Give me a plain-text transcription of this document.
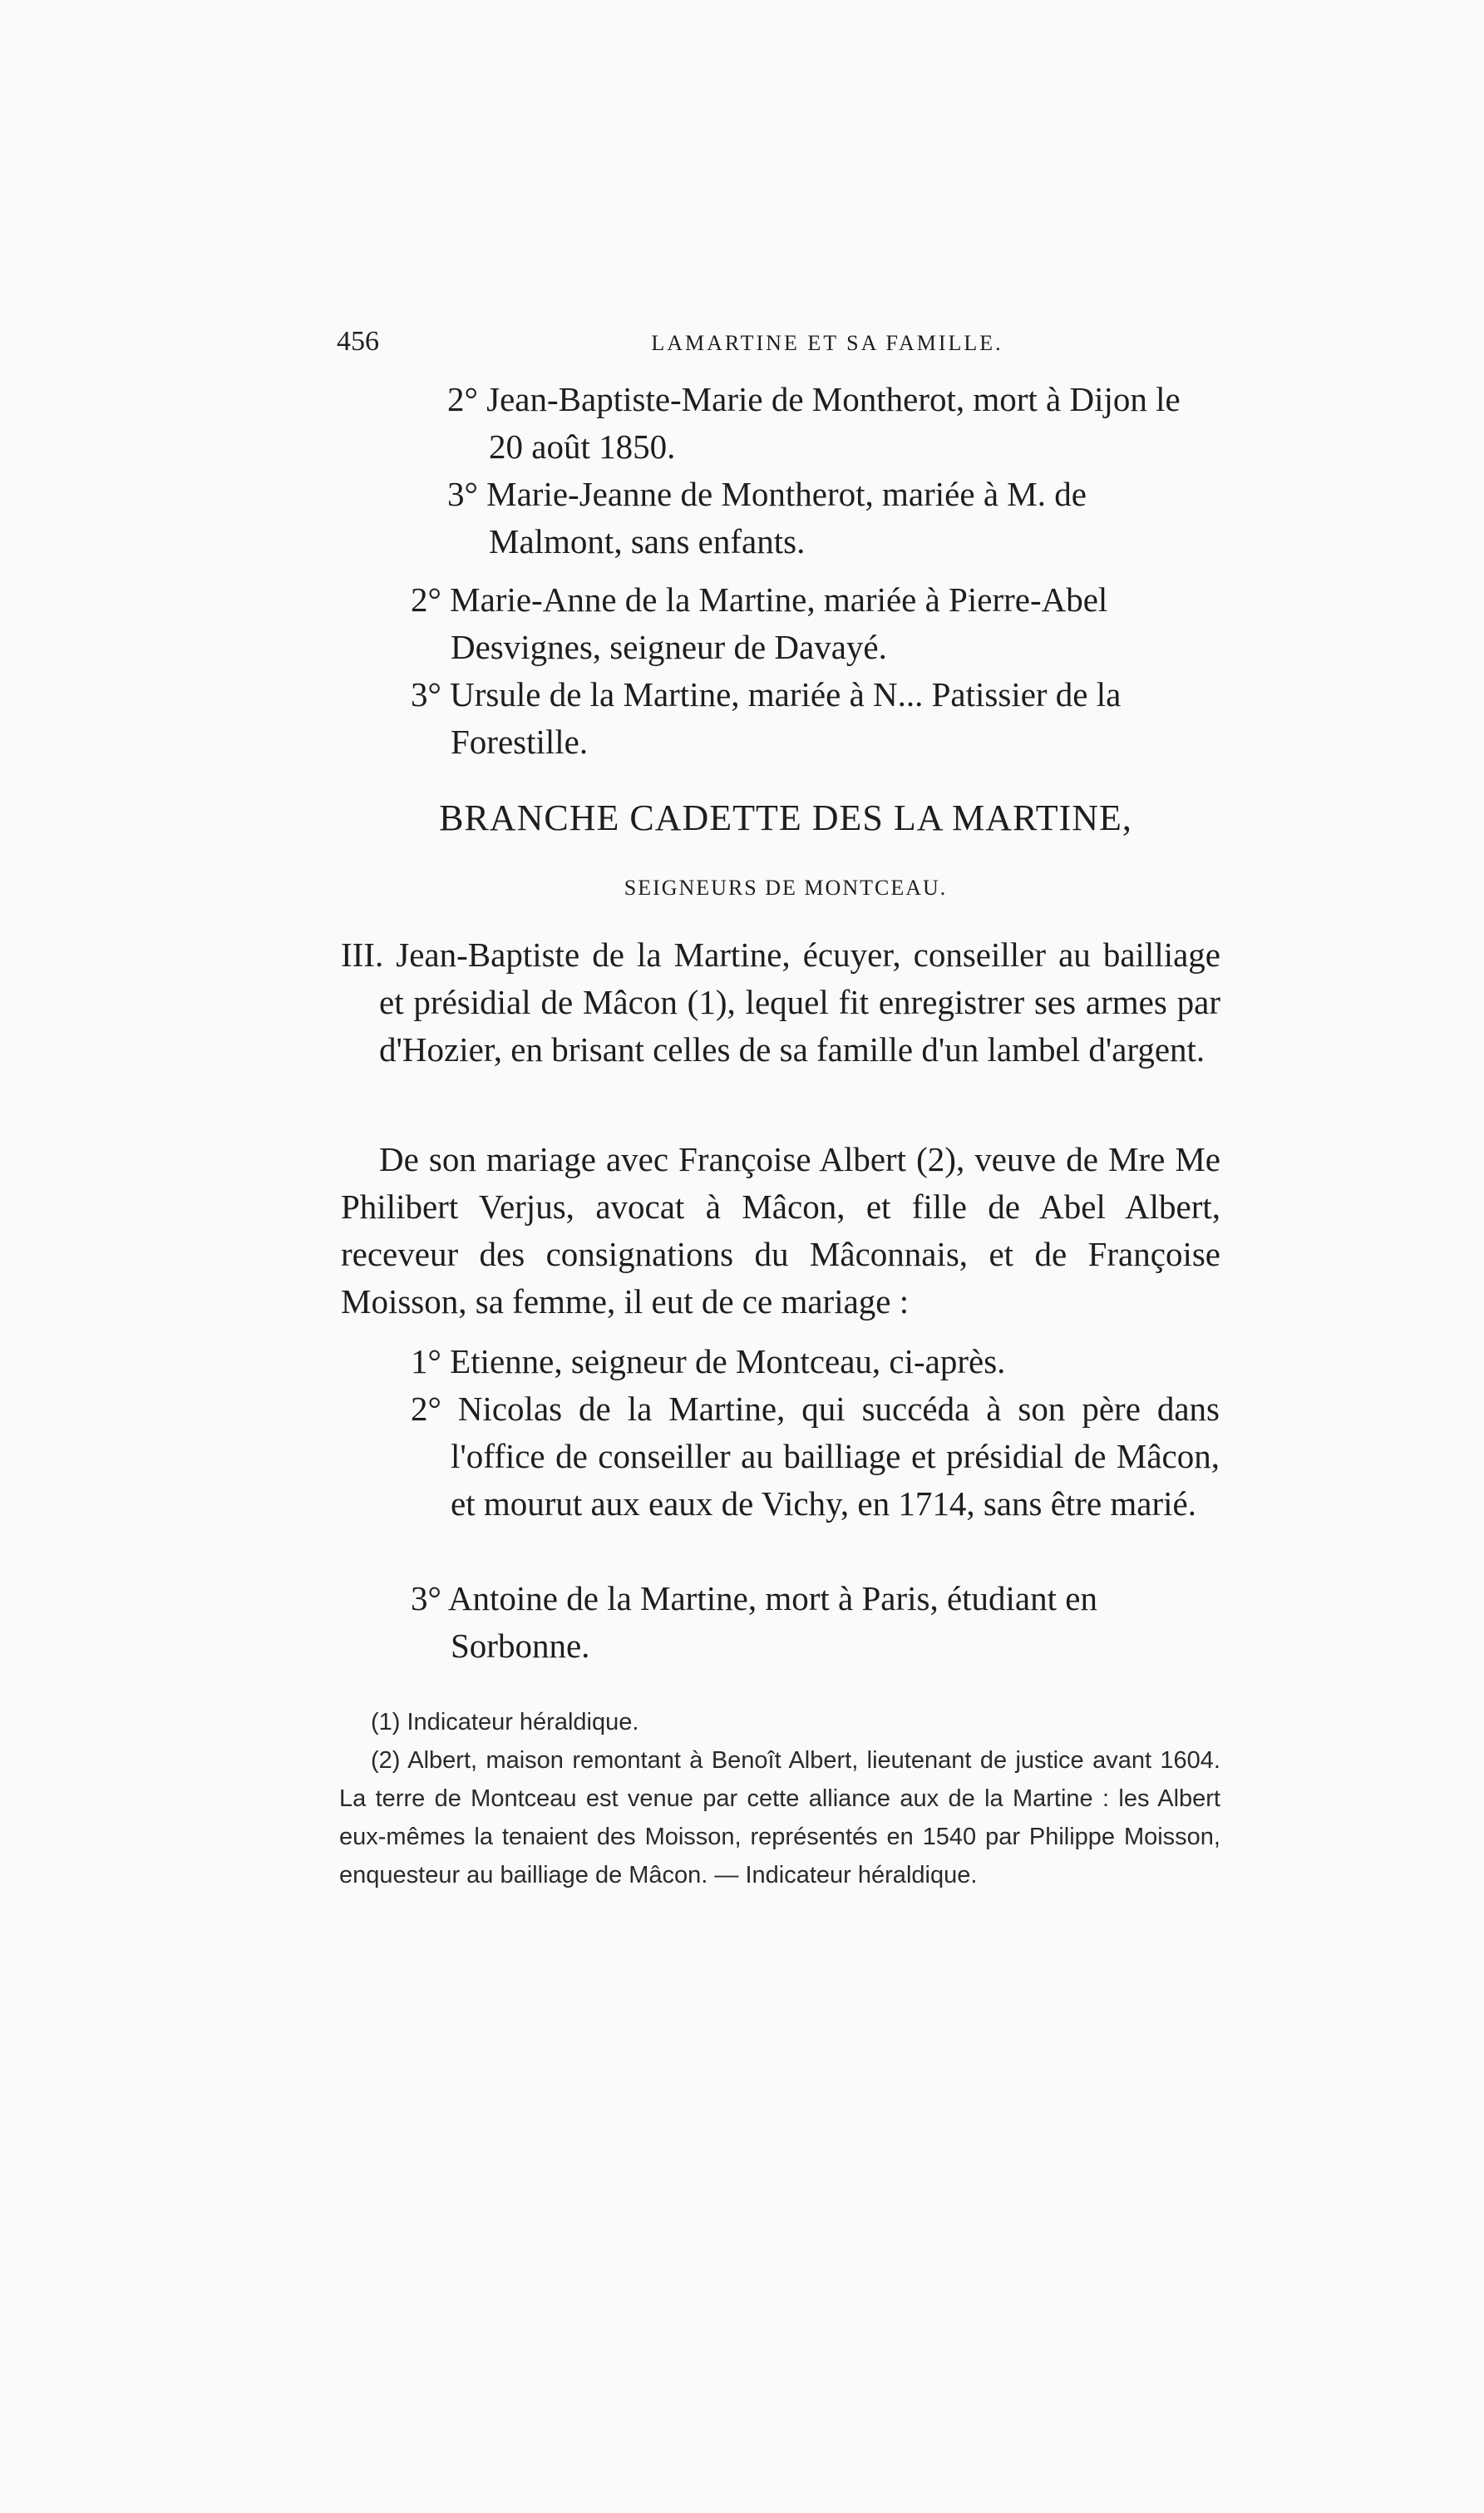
456	LAMARTINE ET SA FAMILLE.
2° Jean-Baptiste-Marie de Montherot, mort à Dijon le 20 août 1850.
3° Marie-Jeanne de Montherot, mariée à M. de Malmont, sans enfants.
2° Marie-Anne de la Martine, mariée à Pierre-Abel Desvignes, seigneur de Davayé.
3° Ursule de la Martine, mariée à N... Patissier de la Forestille.
BRANCHE CADETTE DES LA MARTINE,
SEIGNEURS DE MONTCEAU.
III. Jean-Baptiste de la Martine, écuyer, conseiller au bailliage et présidial de Mâcon (1), lequel fit enregistrer ses armes par d'Hozier, en brisant celles de sa famille d'un lambel d'argent.
De son mariage avec Françoise Albert (2), veuve de Mre Me Philibert Verjus, avocat à Mâcon, et fille de Abel Albert, receveur des consignations du Mâconnais, et de Françoise Moisson, sa femme, il eut de ce mariage :
1° Etienne, seigneur de Montceau, ci-après.
2° Nicolas de la Martine, qui succéda à son père dans l'office de conseiller au bailliage et présidial de Mâcon, et mourut aux eaux de Vichy, en 1714, sans être marié.
3° Antoine de la Martine, mort à Paris, étudiant en Sorbonne.
(1) Indicateur héraldique.
(2) Albert, maison remontant à Benoît Albert, lieutenant de justice avant 1604. La terre de Montceau est venue par cette alliance aux de la Martine : les Albert eux-mêmes la tenaient des Moisson, représentés en 1540 par Philippe Moisson, enquesteur au bailliage de Mâcon. — Indicateur héraldique.
